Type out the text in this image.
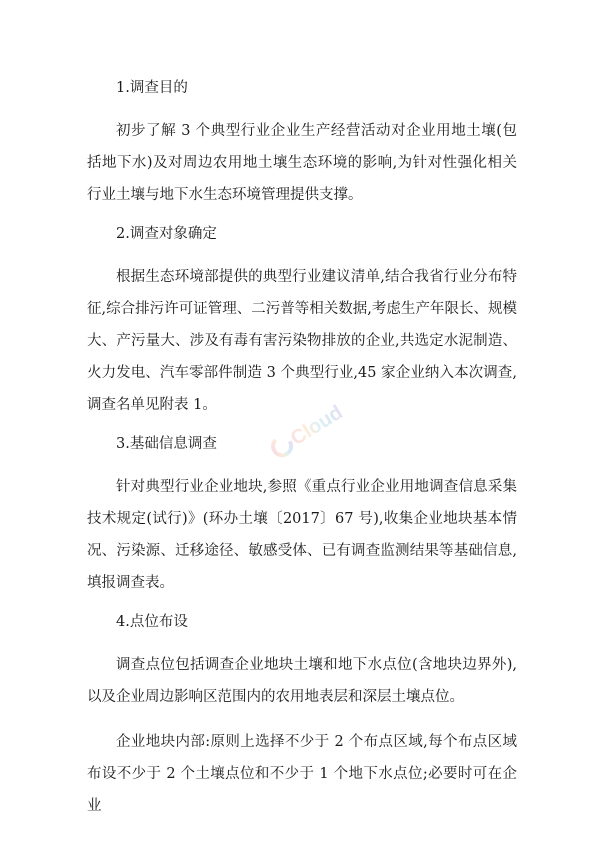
1.调查目的

初步了解 3 个典型行业企业生产经营活动对企业用地土壤(包括地下水)及对周边农用地土壤生态环境的影响,为针对性强化相关行业土壤与地下水生态环境管理提供支撑。

2.调查对象确定

根据生态环境部提供的典型行业建议清单,结合我省行业分布特征,综合排污许可证管理、二污普等相关数据,考虑生产年限长、规模大、产污量大、涉及有毒有害污染物排放的企业,共选定水泥制造、火力发电、汽车零部件制造 3 个典型行业,45 家企业纳入本次调查,调查名单见附表 1。

3.基础信息调查

针对典型行业企业地块,参照《重点行业企业用地调查信息采集技术规定(试行)》(环办土壤〔2017〕67 号),收集企业地块基本情况、污染源、迁移途径、敏感受体、已有调查监测结果等基础信息,填报调查表。

4.点位布设

调查点位包括调查企业地块土壤和地下水点位(含地块边界外),以及企业周边影响区范围内的农用地表层和深层土壤点位。

企业地块内部:原则上选择不少于 2 个布点区域,每个布点区域布设不少于 2 个土壤点位和不少于 1 个地下水点位;必要时可在企业

Cloud
